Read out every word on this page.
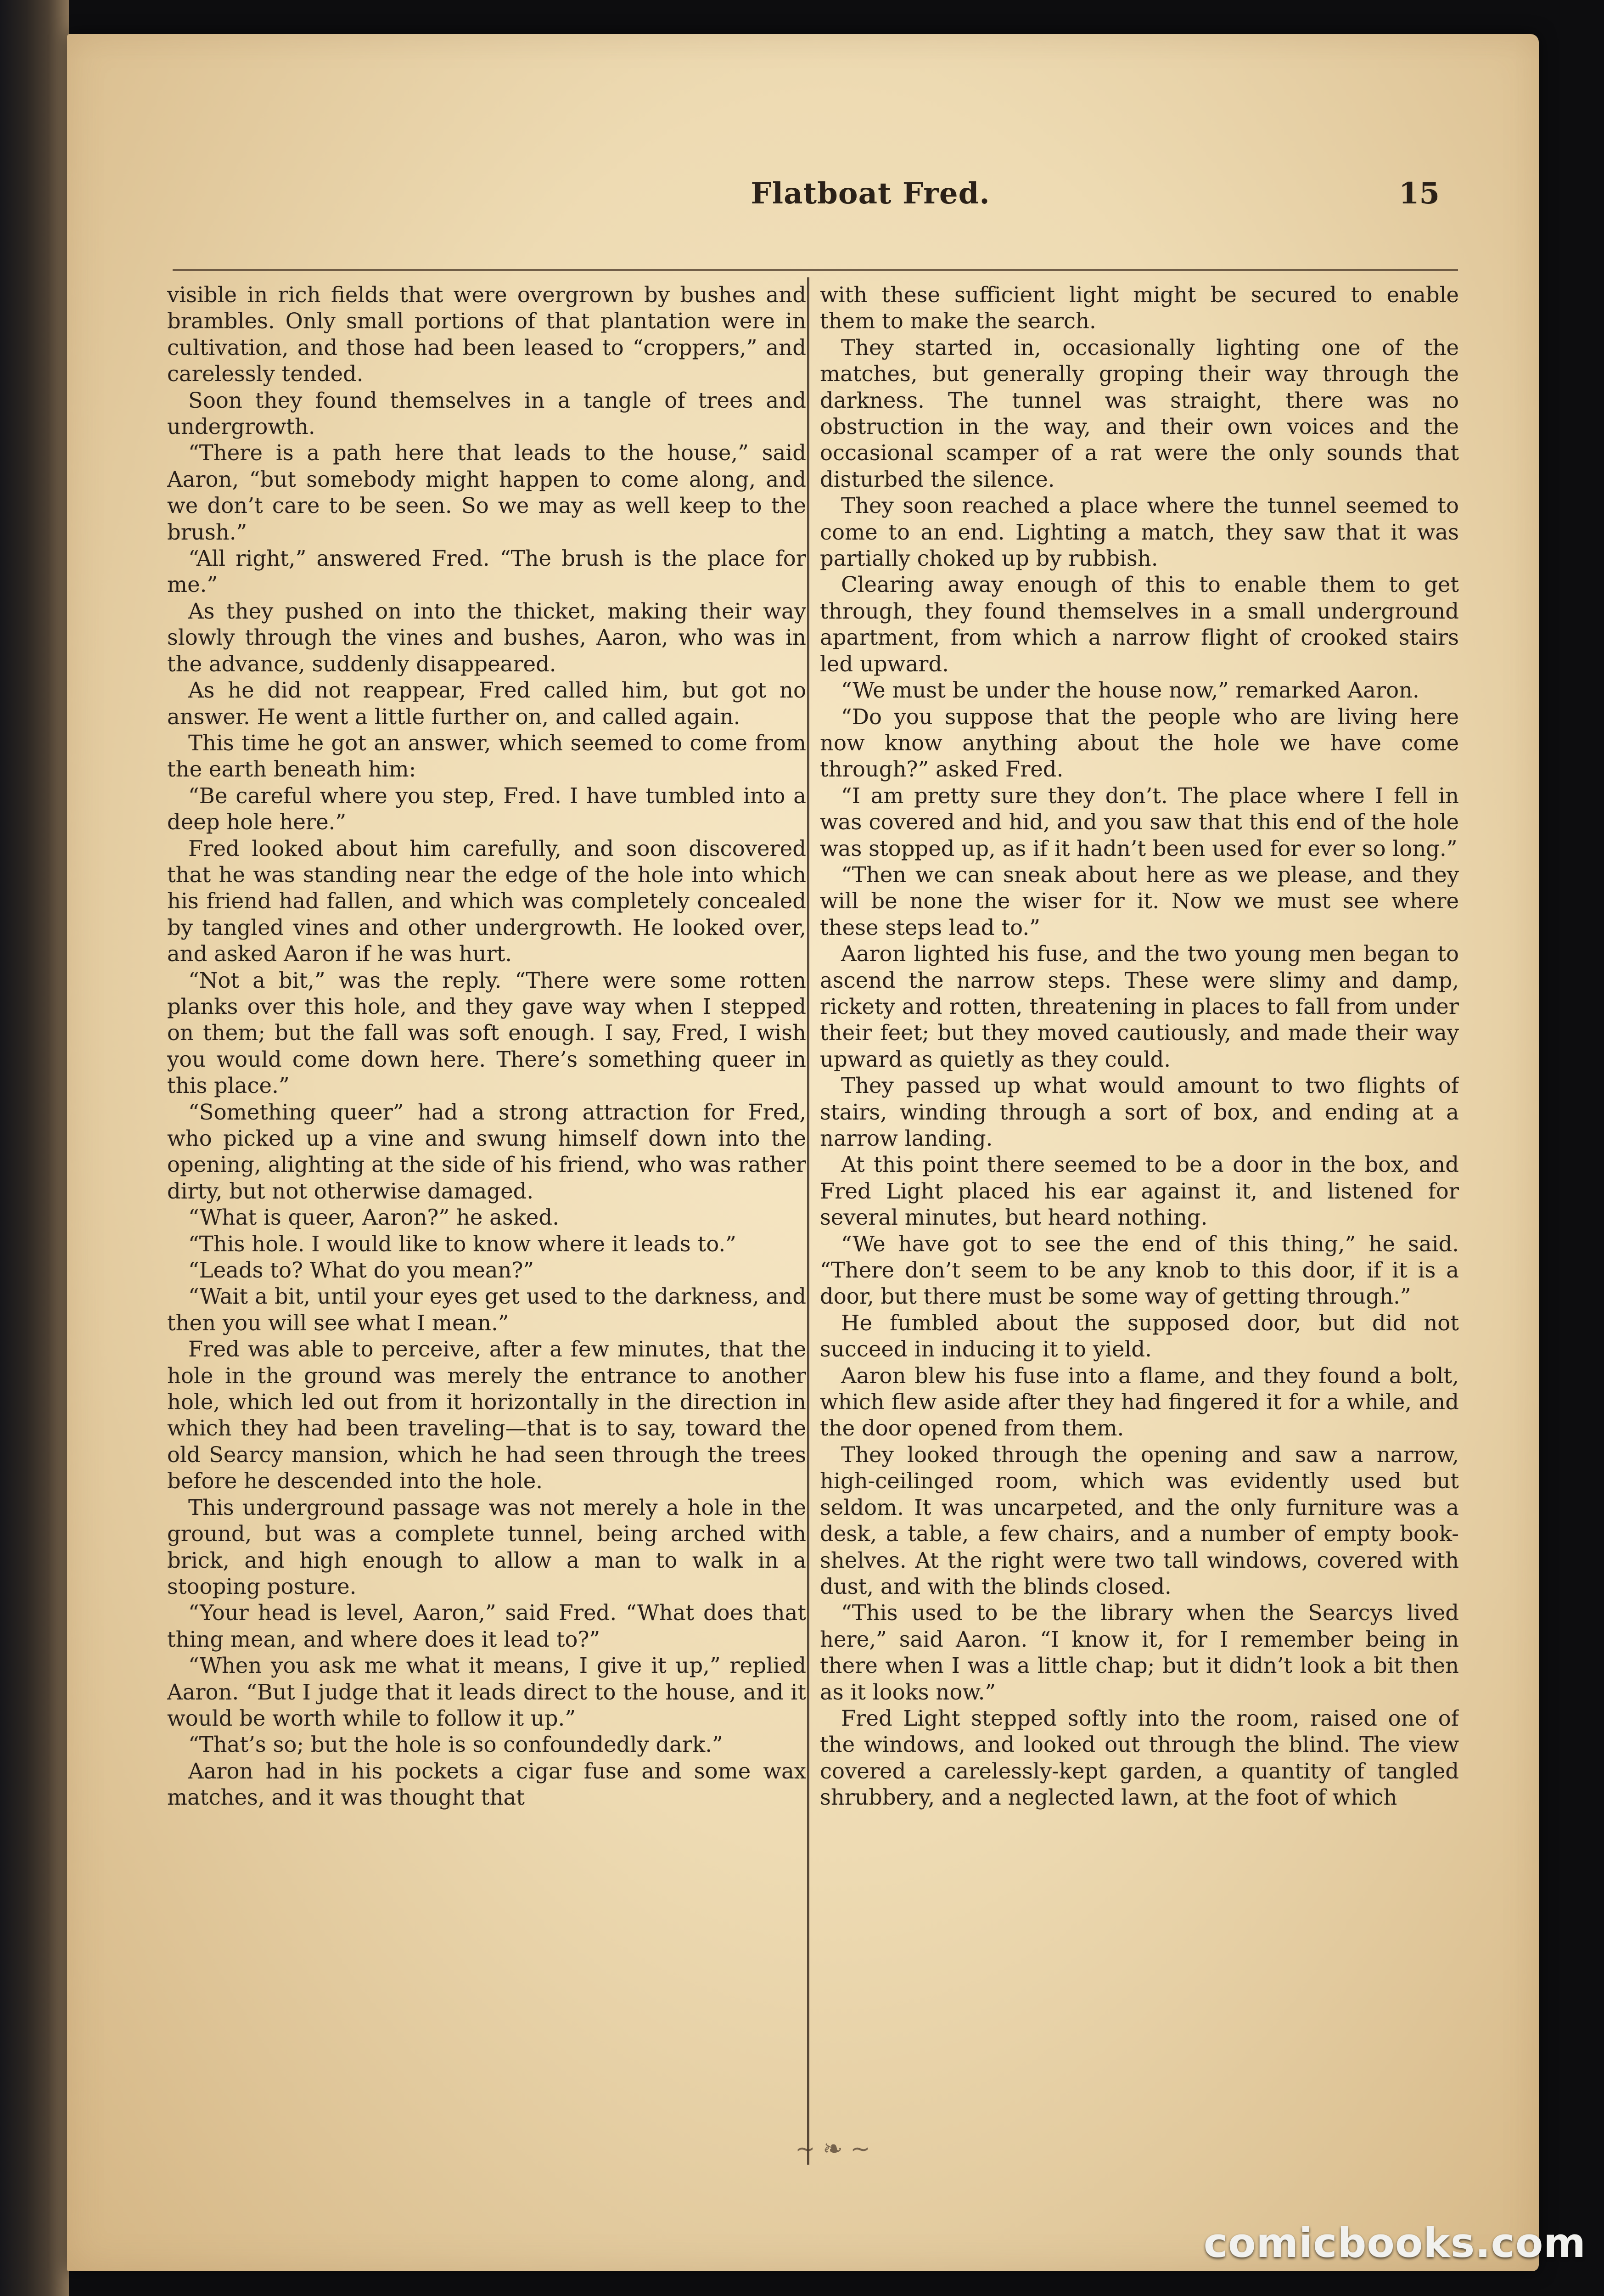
Flatboat Fred.	15

visible in rich fields that were overgrown by bushes and brambles. Only small portions of that plantation were in cultivation, and those had been leased to “croppers,” and carelessly tended.

Soon they found themselves in a tangle of trees and undergrowth.

“There is a path here that leads to the house,” said Aaron, “but somebody might happen to come along, and we don’t care to be seen. So we may as well keep to the brush.”

“All right,” answered Fred. “The brush is the place for me.”

As they pushed on into the thicket, making their way slowly through the vines and bushes, Aaron, who was in the advance, suddenly disappeared.

As he did not reappear, Fred called him, but got no answer. He went a little further on, and called again.

This time he got an answer, which seemed to come from the earth beneath him:

“Be careful where you step, Fred. I have tumbled into a deep hole here.”

Fred looked about him carefully, and soon discovered that he was standing near the edge of the hole into which his friend had fallen, and which was completely concealed by tangled vines and other undergrowth. He looked over, and asked Aaron if he was hurt.

“Not a bit,” was the reply. “There were some rotten planks over this hole, and they gave way when I stepped on them; but the fall was soft enough. I say, Fred, I wish you would come down here. There’s something queer in this place.”

“Something queer” had a strong attraction for Fred, who picked up a vine and swung himself down into the opening, alighting at the side of his friend, who was rather dirty, but not otherwise damaged.

“What is queer, Aaron?” he asked.

“This hole. I would like to know where it leads to.”

“Leads to? What do you mean?”

“Wait a bit, until your eyes get used to the darkness, and then you will see what I mean.”

Fred was able to perceive, after a few minutes, that the hole in the ground was merely the entrance to another hole, which led out from it horizontally in the direction in which they had been traveling—that is to say, toward the old Searcy mansion, which he had seen through the trees before he descended into the hole.

This underground passage was not merely a hole in the ground, but was a complete tunnel, being arched with brick, and high enough to allow a man to walk in a stooping posture.

“Your head is level, Aaron,” said Fred. “What does that thing mean, and where does it lead to?”

“When you ask me what it means, I give it up,” replied Aaron. “But I judge that it leads direct to the house, and it would be worth while to follow it up.”

“That’s so; but the hole is so confoundedly dark.”

Aaron had in his pockets a cigar fuse and some wax matches, and it was thought that

with these sufficient light might be secured to enable them to make the search.

They started in, occasionally lighting one of the matches, but generally groping their way through the darkness. The tunnel was straight, there was no obstruction in the way, and their own voices and the occasional scamper of a rat were the only sounds that disturbed the silence.

They soon reached a place where the tunnel seemed to come to an end. Lighting a match, they saw that it was partially choked up by rubbish.

Clearing away enough of this to enable them to get through, they found themselves in a small underground apartment, from which a narrow flight of crooked stairs led upward.

“We must be under the house now,” remarked Aaron.

“Do you suppose that the people who are living here now know anything about the hole we have come through?” asked Fred.

“I am pretty sure they don’t. The place where I fell in was covered and hid, and you saw that this end of the hole was stopped up, as if it hadn’t been used for ever so long.”

“Then we can sneak about here as we please, and they will be none the wiser for it. Now we must see where these steps lead to.”

Aaron lighted his fuse, and the two young men began to ascend the narrow steps. These were slimy and damp, rickety and rotten, threatening in places to fall from under their feet; but they moved cautiously, and made their way upward as quietly as they could.

They passed up what would amount to two flights of stairs, winding through a sort of box, and ending at a narrow landing.

At this point there seemed to be a door in the box, and Fred Light placed his ear against it, and listened for several minutes, but heard nothing.

“We have got to see the end of this thing,” he said. “There don’t seem to be any knob to this door, if it is a door, but there must be some way of getting through.”

He fumbled about the supposed door, but did not succeed in inducing it to yield.

Aaron blew his fuse into a flame, and they found a bolt, which flew aside after they had fingered it for a while, and the door opened from them.

They looked through the opening and saw a narrow, high-ceilinged room, which was evidently used but seldom. It was uncarpeted, and the only furniture was a desk, a table, a few chairs, and a number of empty book-shelves. At the right were two tall windows, covered with dust, and with the blinds closed.

“This used to be the library when the Searcys lived here,” said Aaron. “I know it, for I remember being in there when I was a little chap; but it didn’t look a bit then as it looks now.”

Fred Light stepped softly into the room, raised one of the windows, and looked out through the blind. The view covered a carelessly-kept garden, a quantity of tangled shrubbery, and a neglected lawn, at the foot of which

~ ❧ ~
comicbooks.com
